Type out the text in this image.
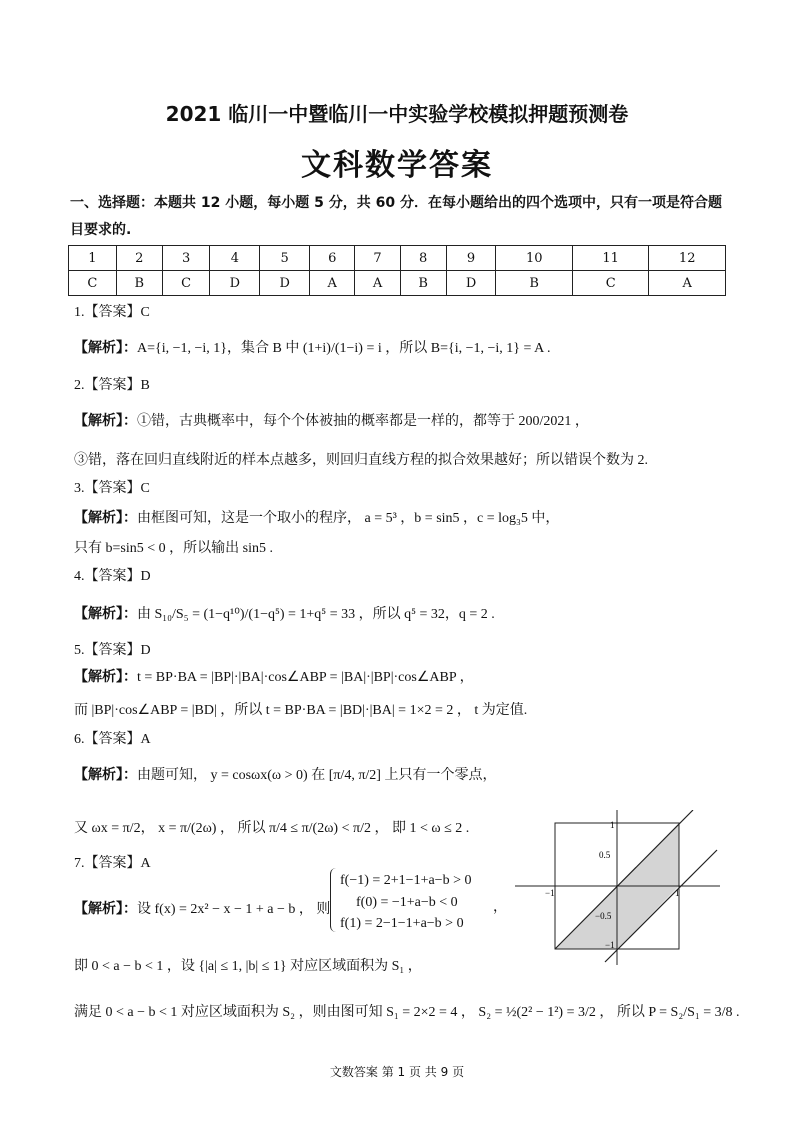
2021 临川一中暨临川一中实验学校模拟押题预测卷
文科数学答案
一、选择题：本题共 12 小题，每小题 5 分，共 60 分．在每小题给出的四个选项中，只有一项是符合题目要求的.
1	2	3	4	5	6	7	8	9	10	11	12
C	B	C	D	D	A	A	B	D	B	C	A
1.【答案】C
【解析】：A={i, −1, −i, 1}，集合 B 中 (1+i)/(1−i) = i ，所以 B={i, −1, −i, 1} = A .
2.【答案】B
【解析】：①错，古典概率中，每个个体被抽的概率都是一样的，都等于 200/2021 ，
③错，落在回归直线附近的样本点越多，则回归直线方程的拟合效果越好；所以错误个数为 2.
3.【答案】C
【解析】：由框图可知，这是一个取小的程序， a = 5³ ，b = sin5 ，c = log₃5 中，
只有 b=sin5 < 0 ，所以输出 sin5 .
4.【答案】D
【解析】：由 S₁₀/S₅ = (1−q¹⁰)/(1−q⁵) = 1+q⁵ = 33 ，所以 q⁵ = 32，q = 2 .
5.【答案】D
【解析】：t = BP·BA = |BP|·|BA|·cos∠ABP = |BA|·|BP|·cos∠ABP ，
而 |BP|·cos∠ABP = |BD| ，所以 t = BP·BA = |BD|·|BA| = 1×2 = 2 ， t 为定值.
6.【答案】A
【解析】：由题可知， y = cosωx(ω > 0) 在 [π/4, π/2] 上只有一个零点，
又 ωx = π/2， x = π/(2ω) ， 所以 π/4 ≤ π/(2ω) < π/2 ， 即 1 < ω ≤ 2 .
7.【答案】A
【解析】：设 f(x) = 2x² − x − 1 + a − b ， 则
f(−1) = 2+1−1+a−b > 0
f(0) = −1+a−b < 0
f(1) = 2−1−1+a−b > 0
，
即 0 < a − b < 1 ，设 {|a| ≤ 1, |b| ≤ 1} 对应区域面积为 S₁ ，
满足 0 < a − b < 1 对应区域面积为 S₂ ，则由图可知 S₁ = 2×2 = 4 ， S₂ = ½(2² − 1²) = 3/2 ， 所以 P = S₂/S₁ = 3/8 .
1
0.5
−1	1
−0.5
−1
文数答案 第 1 页 共 9 页
